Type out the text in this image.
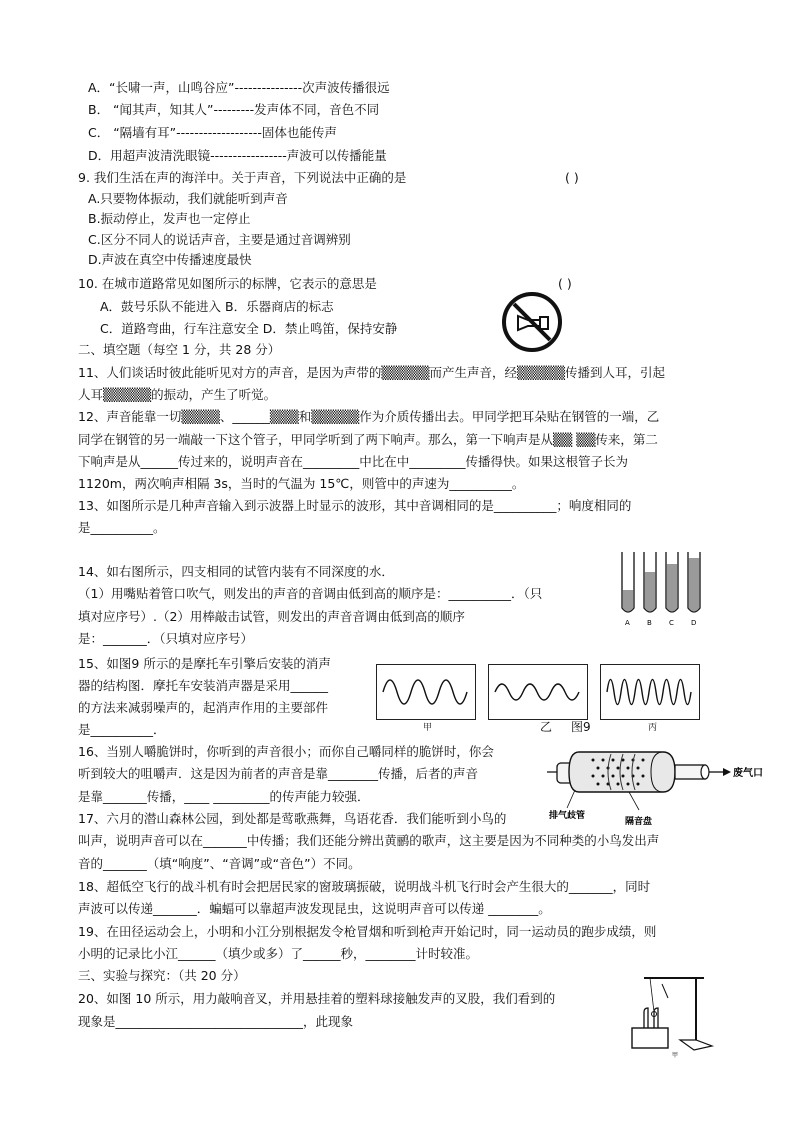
A．“长啸一声，山鸣谷应”---------------次声波传播很远
B． “闻其声，知其人”---------发声体不同，音色不同
C． “隔墙有耳”-------------------固体也能传声
D．用超声波清洗眼镜-----------------声波可以传播能量
9. 我们生活在声的海洋中。关于声音，下列说法中正确的是	( )
A.只要物体振动，我们就能听到声音
B.振动停止，发声也一定停止
C.区分不同人的说话声音，主要是通过音调辨别
D.声波在真空中传播速度最快
10. 在城市道路常见如图所示的标牌，它表示的意思是	( )
A．鼓号乐队不能进入 B．乐器商店的标志
C．道路弯曲，行车注意安全 D．禁止鸣笛，保持安静
二、填空题（每空 1 分，共 28 分）
11、人们谈话时彼此能听见对方的声音，是因为声带的▒▒▒▒▒而产生声音，经▒▒▒▒▒传播到人耳，引起
人耳▒▒▒▒▒的振动，产生了听觉。
12、声音能靠一切▒▒▒▒、______▒▒▒和▒▒▒▒▒作为介质传播出去。甲同学把耳朵贴在钢管的一端，乙
同学在钢管的另一端敲一下这个管子，甲同学听到了两下响声。那么，第一下响声是从▒▒ ▒▒传来，第二
下响声是从______传过来的，说明声音在_________中比在中_________传播得快。如果这根管子长为
1120m，两次响声相隔 3s，当时的气温为 15℃，则管中的声速为__________。
13、如图所示是几种声音输入到示波器上时显示的波形，其中音调相同的是__________；响度相同的
是__________。
14、如右图所示，四支相同的试管内装有不同深度的水．
（1）用嘴贴着管口吹气，则发出的声音的音调由低到高的顺序是：__________．（只
填对应序号）.（2）用棒敲击试管，则发出的声音音调由低到高的顺序
是：_______．（只填对应序号）
A B C D
15、如图9 所示的是摩托车引擎后安装的消声
器的结构图．摩托车安装消声器是采用______
的方法来减弱噪声的，起消声作用的主要部件
是__________．	甲	乙 图9	丙
16、当别人嚼脆饼时，你听到的声音很小；而你自己嚼同样的脆饼时，你会
听到较大的咀嚼声．这是因为前者的声音是靠________传播，后者的声音
是靠_______传播，____ _________的传声能力较强．
废气口
排气歧管
隔音盘
17、六月的潜山森林公园，到处都是莺歌燕舞，鸟语花香．我们能听到小鸟的
叫声，说明声音可以在_______中传播；我们还能分辨出黄鹂的歌声，这主要是因为不同种类的小鸟发出声
音的_______（填“响度”、“音调”或“音色”）不同。
18、超低空飞行的战斗机有时会把居民家的窗玻璃振破，说明战斗机飞行时会产生很大的_______，同时
声波可以传递_______．蝙蝠可以靠超声波发现昆虫，这说明声音可以传递 ________。
19、在田径运动会上，小明和小江分别根据发令枪冒烟和听到枪声开始记时，同一运动员的跑步成绩，则
小明的记录比小江______（填少或多）了______秒，________计时较准。
三、实验与探究：（共 20 分）
20、如图 10 所示，用力敲响音叉，并用悬挂着的塑料球接触发声的叉股，我们看到的
现象是______________________________，此现象
甲
